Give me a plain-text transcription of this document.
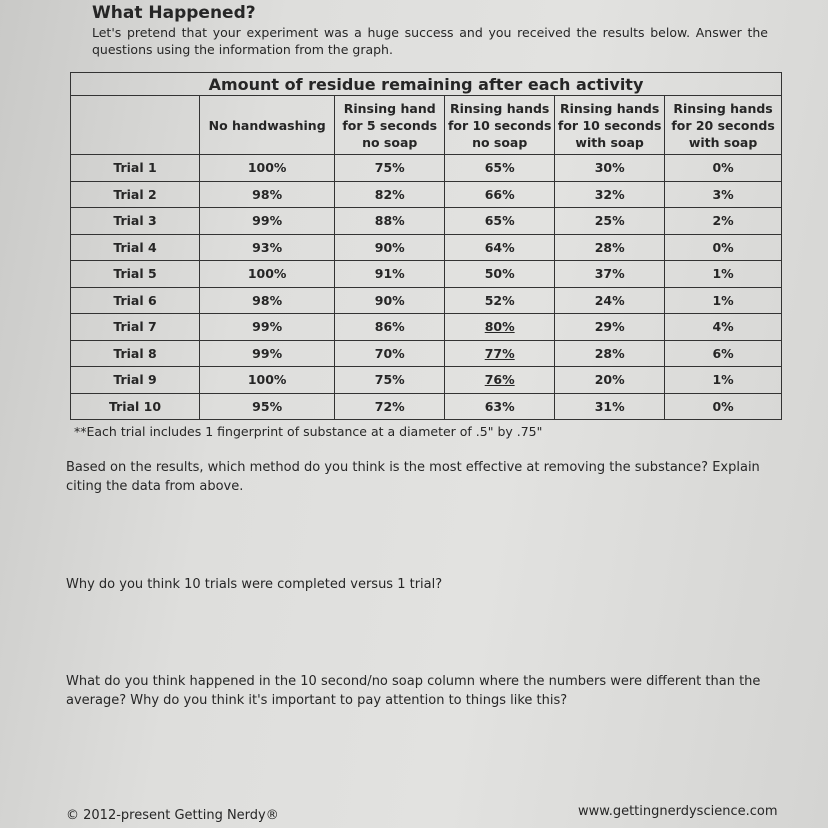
What Happened?
Let's pretend that your experiment was a huge success and you received the results below. Answer the questions using the information from the graph.
Amount of residue remaining after each activity					
	No handwashing	Rinsing hand for 5 seconds no soap	Rinsing hands for 10 seconds no soap	Rinsing hands for 10 seconds with soap	Rinsing hands for 20 seconds with soap
Trial 1	100%	75%	65%	30%	0%
Trial 2	98%	82%	66%	32%	3%
Trial 3	99%	88%	65%	25%	2%
Trial 4	93%	90%	64%	28%	0%
Trial 5	100%	91%	50%	37%	1%
Trial 6	98%	90%	52%	24%	1%
Trial 7	99%	86%	80%	29%	4%
Trial 8	99%	70%	77%	28%	6%
Trial 9	100%	75%	76%	20%	1%
Trial 10	95%	72%	63%	31%	0%
**Each trial includes 1 fingerprint of substance at a diameter of .5" by .75"
Based on the results, which method do you think is the most effective at removing the substance? Explain citing the data from above.
Why do you think 10 trials were completed versus 1 trial?
What do you think happened in the 10 second/no soap column where the numbers were different than the average? Why do you think it's important to pay attention to things like this?
© 2012-present Getting Nerdy®	www.gettingnerdyscience.com
